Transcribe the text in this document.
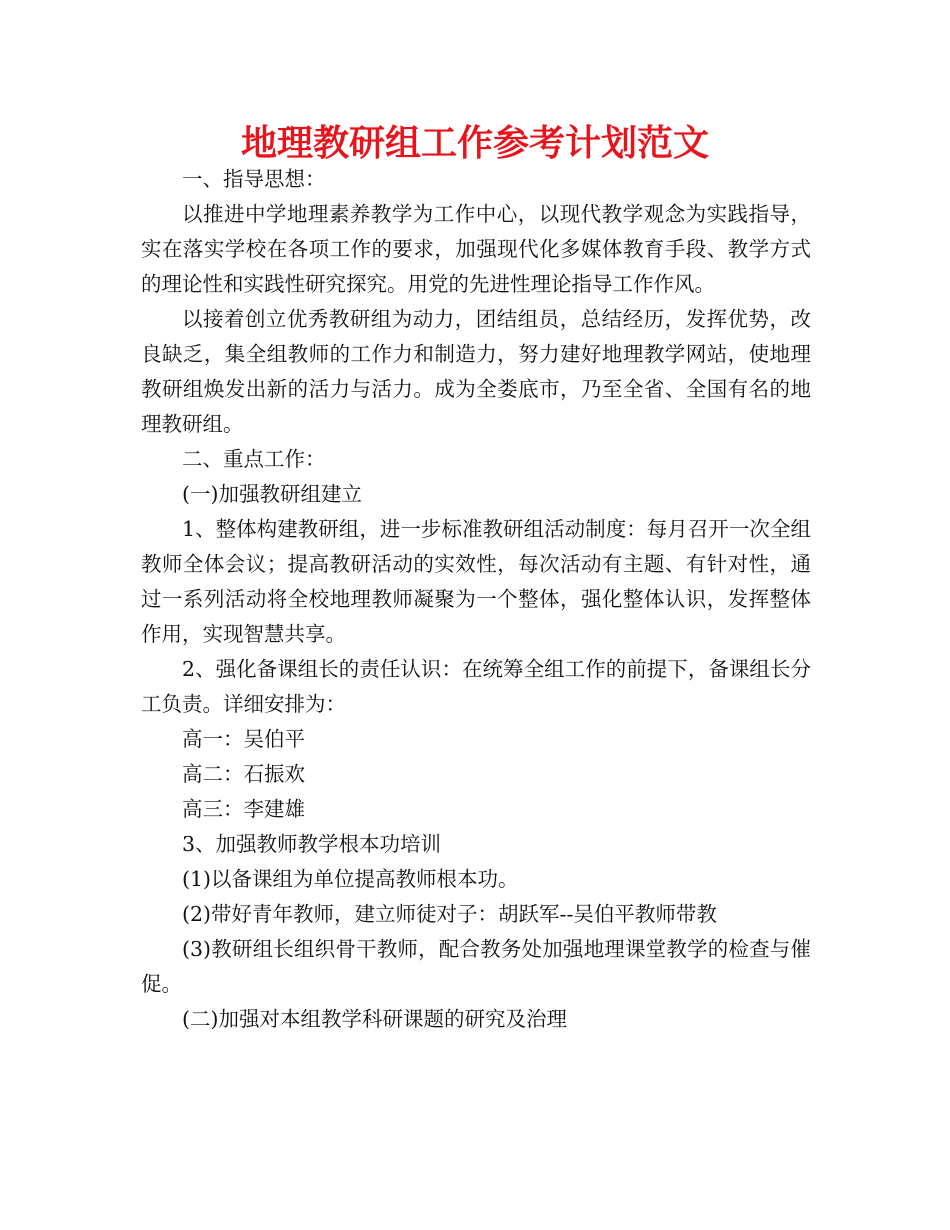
地理教研组工作参考计划范文

一、指导思想：

以推进中学地理素养教学为工作中心，以现代教学观念为实践指导，实在落实学校在各项工作的要求，加强现代化多媒体教育手段、教学方式的理论性和实践性研究探究。用党的先进性理论指导工作作风。

以接着创立优秀教研组为动力，团结组员，总结经历，发挥优势，改良缺乏，集全组教师的工作力和制造力，努力建好地理教学网站，使地理教研组焕发出新的活力与活力。成为全娄底市，乃至全省、全国有名的地理教研组。

二、重点工作：

(一)加强教研组建立

1、整体构建教研组，进一步标准教研组活动制度：每月召开一次全组教师全体会议；提高教研活动的实效性，每次活动有主题、有针对性，通过一系列活动将全校地理教师凝聚为一个整体，强化整体认识，发挥整体作用，实现智慧共享。

2、强化备课组长的责任认识：在统筹全组工作的前提下，备课组长分工负责。详细安排为：

高一：吴伯平

高二：石振欢

高三：李建雄

3、加强教师教学根本功培训

(1)以备课组为单位提高教师根本功。

(2)带好青年教师，建立师徒对子：胡跃军--吴伯平教师带教

(3)教研组长组织骨干教师，配合教务处加强地理课堂教学的检查与催促。

(二)加强对本组教学科研课题的研究及治理
